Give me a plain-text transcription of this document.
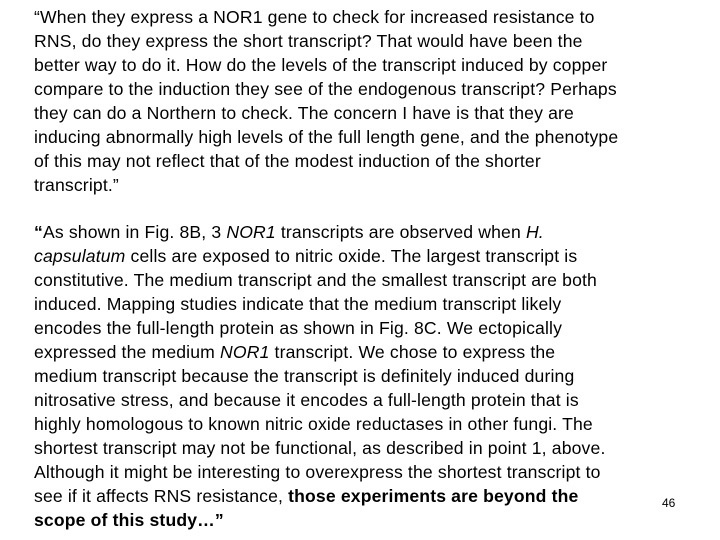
“When they express a NOR1 gene to check for increased resistance to
RNS, do they express the short transcript? That would have been the
better way to do it. How do the levels of the transcript induced by copper
compare to the induction they see of the endogenous transcript? Perhaps
they can do a Northern to check. The concern I have is that they are
inducing abnormally high levels of the full length gene, and the phenotype
of this may not reflect that of the modest induction of the shorter
transcript.”
“As shown in Fig. 8B, 3 NOR1 transcripts are observed when H.
capsulatum cells are exposed to nitric oxide. The largest transcript is
constitutive. The medium transcript and the smallest transcript are both
induced. Mapping studies indicate that the medium transcript likely
encodes the full-length protein as shown in Fig. 8C. We ectopically
expressed the medium NOR1 transcript. We chose to express the
medium transcript because the transcript is definitely induced during
nitrosative stress, and because it encodes a full-length protein that is
highly homologous to known nitric oxide reductases in other fungi. The
shortest transcript may not be functional, as described in point 1, above.
Although it might be interesting to overexpress the shortest transcript to
see if it affects RNS resistance, those experiments are beyond the
scope of this study…”
46
